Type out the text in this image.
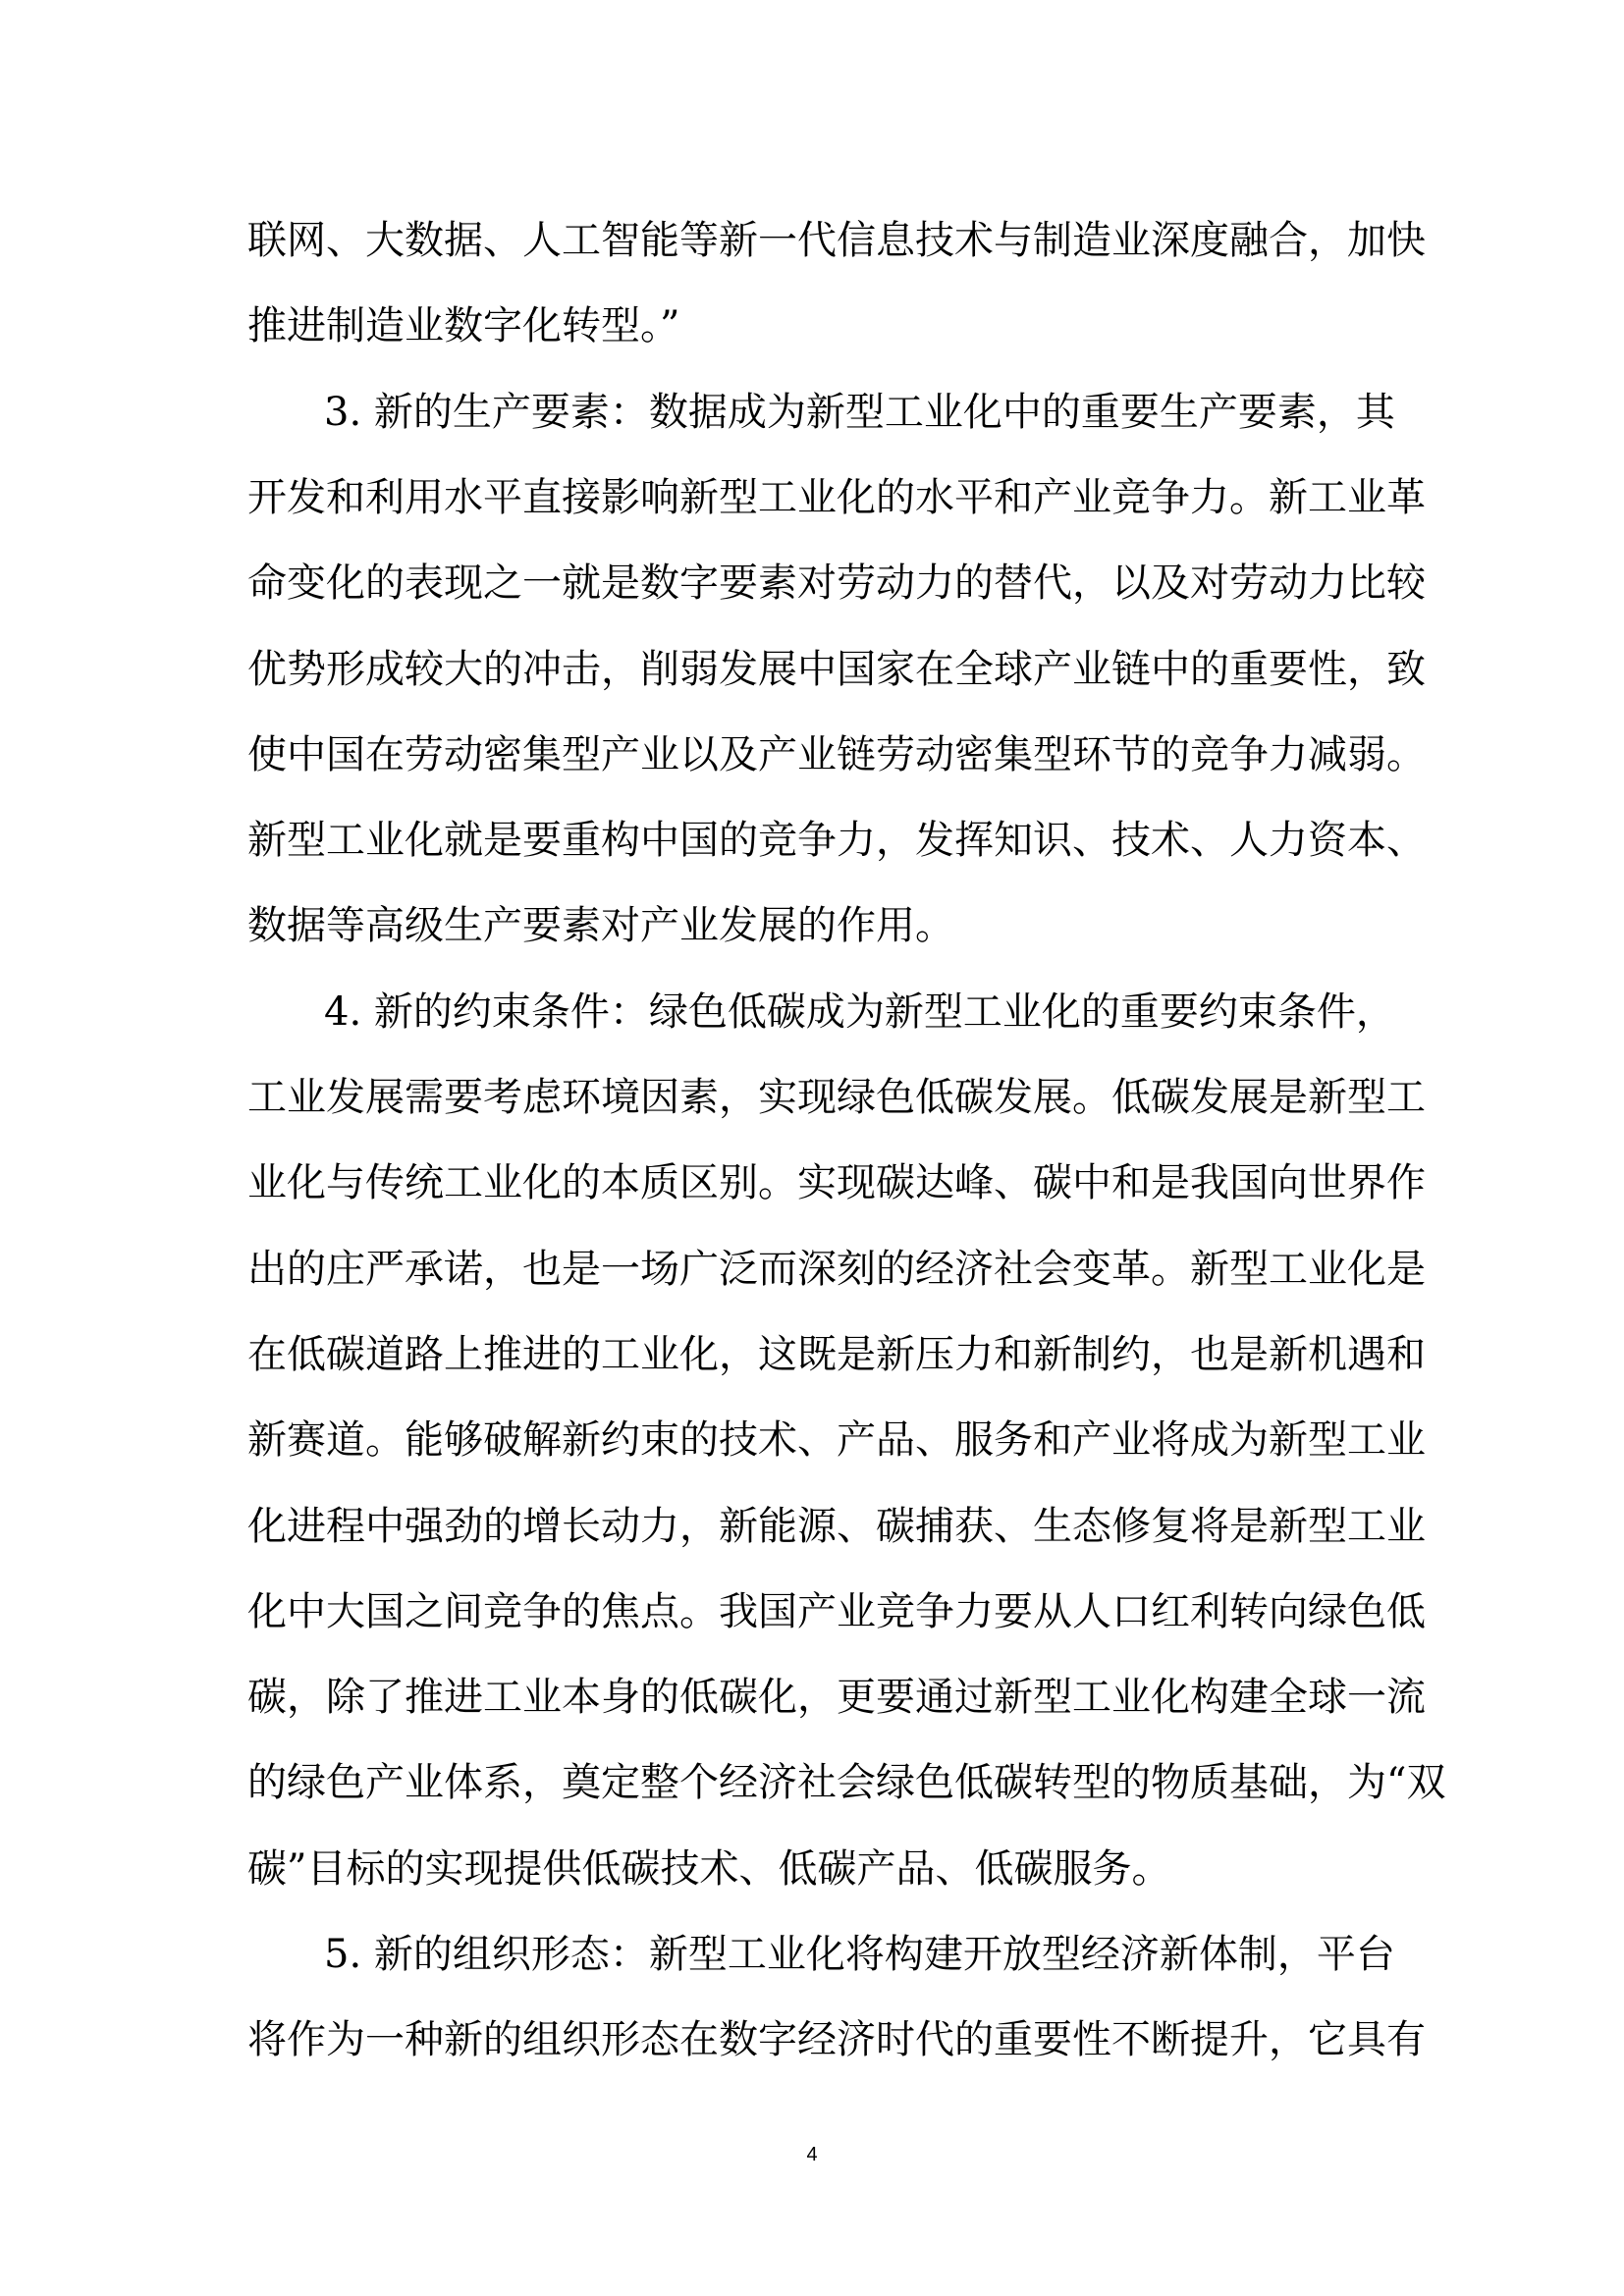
联网、大数据、人工智能等新一代信息技术与制造业深度融合，加快
推进制造业数字化转型。”
3. 新的生产要素：数据成为新型工业化中的重要生产要素，其
开发和利用水平直接影响新型工业化的水平和产业竞争力。新工业革
命变化的表现之一就是数字要素对劳动力的替代，以及对劳动力比较
优势形成较大的冲击，削弱发展中国家在全球产业链中的重要性，致
使中国在劳动密集型产业以及产业链劳动密集型环节的竞争力减弱。
新型工业化就是要重构中国的竞争力，发挥知识、技术、人力资本、
数据等高级生产要素对产业发展的作用。
4. 新的约束条件：绿色低碳成为新型工业化的重要约束条件，
工业发展需要考虑环境因素，实现绿色低碳发展。低碳发展是新型工
业化与传统工业化的本质区别。实现碳达峰、碳中和是我国向世界作
出的庄严承诺，也是一场广泛而深刻的经济社会变革。新型工业化是
在低碳道路上推进的工业化，这既是新压力和新制约，也是新机遇和
新赛道。能够破解新约束的技术、产品、服务和产业将成为新型工业
化进程中强劲的增长动力，新能源、碳捕获、生态修复将是新型工业
化中大国之间竞争的焦点。我国产业竞争力要从人口红利转向绿色低
碳，除了推进工业本身的低碳化，更要通过新型工业化构建全球一流
的绿色产业体系，奠定整个经济社会绿色低碳转型的物质基础，为“双
碳”目标的实现提供低碳技术、低碳产品、低碳服务。
5. 新的组织形态：新型工业化将构建开放型经济新体制，平台
将作为一种新的组织形态在数字经济时代的重要性不断提升，它具有
4
